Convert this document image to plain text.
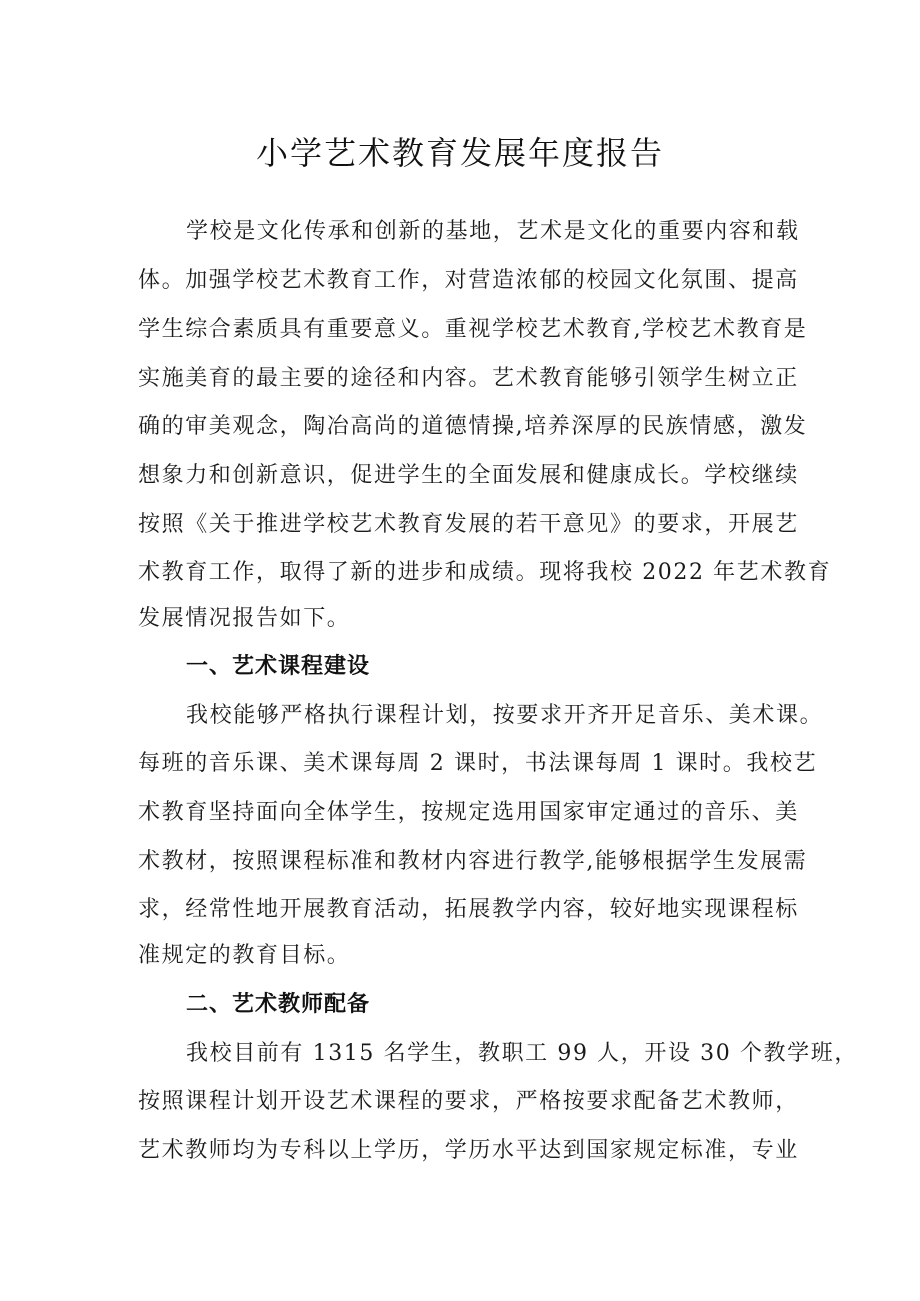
小学艺术教育发展年度报告
学校是文化传承和创新的基地，艺术是文化的重要内容和载
体。加强学校艺术教育工作，对营造浓郁的校园文化氛围、提高
学生综合素质具有重要意义。重视学校艺术教育,学校艺术教育是
实施美育的最主要的途径和内容。艺术教育能够引领学生树立正
确的审美观念，陶冶高尚的道德情操,培养深厚的民族情感，激发
想象力和创新意识，促进学生的全面发展和健康成长。学校继续
按照《关于推进学校艺术教育发展的若干意见》的要求，开展艺
术教育工作，取得了新的进步和成绩。现将我校 2022 年艺术教育
发展情况报告如下。
一、艺术课程建设
我校能够严格执行课程计划，按要求开齐开足音乐、美术课。
每班的音乐课、美术课每周 2 课时，书法课每周 1 课时。我校艺
术教育坚持面向全体学生，按规定选用国家审定通过的音乐、美
术教材，按照课程标准和教材内容进行教学,能够根据学生发展需
求，经常性地开展教育活动，拓展教学内容，较好地实现课程标
准规定的教育目标。
二、艺术教师配备
我校目前有 1315 名学生，教职工 99 人，开设 30 个教学班，
按照课程计划开设艺术课程的要求，严格按要求配备艺术教师，
艺术教师均为专科以上学历，学历水平达到国家规定标准，专业
